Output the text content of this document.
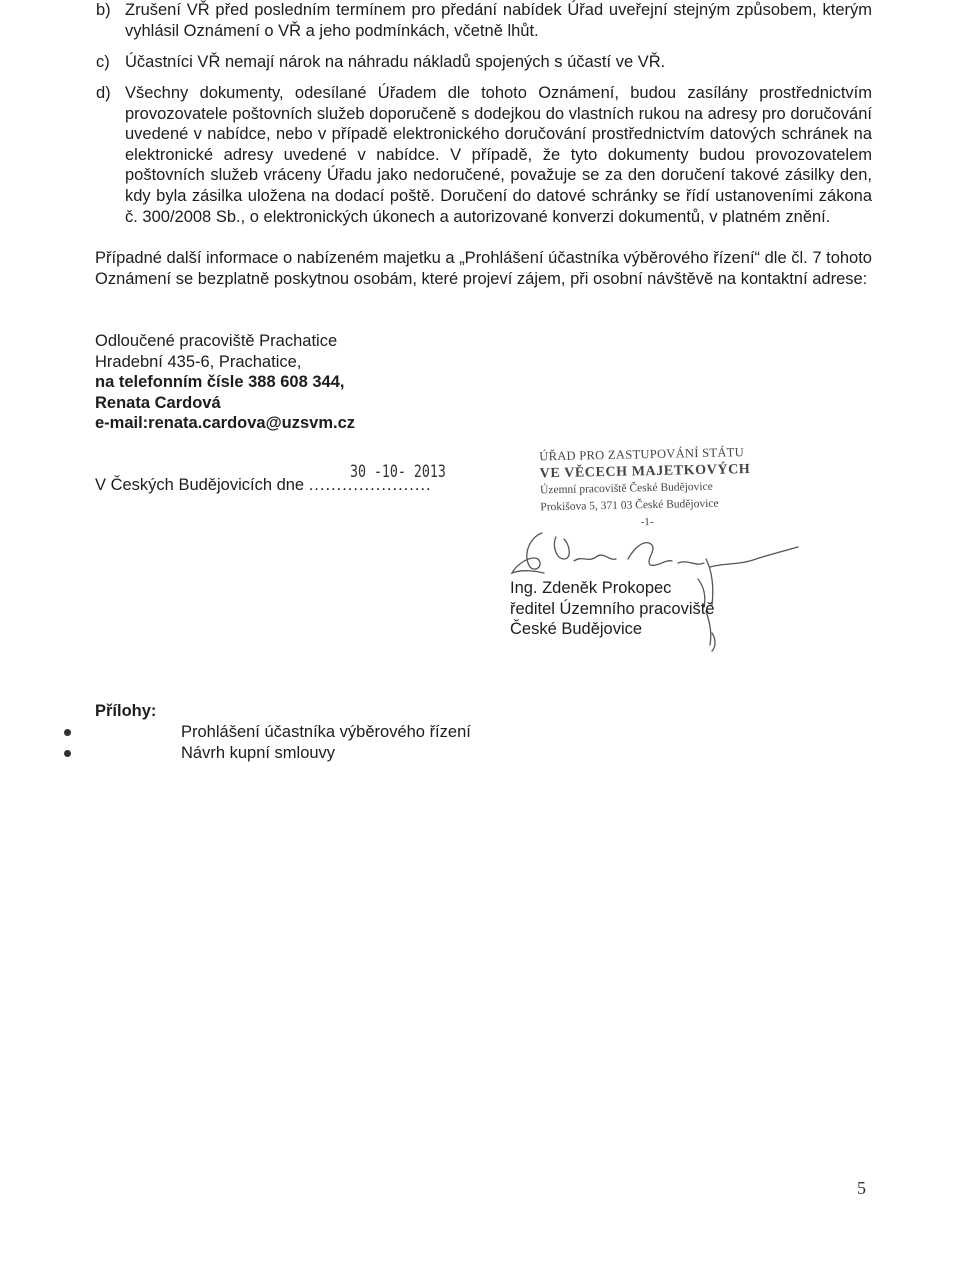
b) Zrušení VŘ před posledním termínem pro předání nabídek Úřad uveřejní stejným způsobem, kterým vyhlásil Oznámení o VŘ a jeho podmínkách, včetně lhůt.
c) Účastníci VŘ nemají nárok na náhradu nákladů spojených s účastí ve VŘ.
d) Všechny dokumenty, odesílané Úřadem dle tohoto Oznámení, budou zasílány prostřednictvím provozovatele poštovních služeb doporučeně s dodejkou do vlastních rukou na adresy pro doručování uvedené v nabídce, nebo v případě elektronického doručování prostřednictvím datových schránek na elektronické adresy uvedené v nabídce. V případě, že tyto dokumenty budou provozovatelem poštovních služeb vráceny Úřadu jako nedoručené, považuje se za den doručení takové zásilky den, kdy byla zásilka uložena na dodací poště. Doručení do datové schránky se řídí ustanoveními zákona č. 300/2008 Sb., o elektronických úkonech a autorizované konverzi dokumentů, v platném znění.
Případné další informace o nabízeném majetku a „Prohlášení účastníka výběrového řízení“ dle čl. 7 tohoto Oznámení se bezplatně poskytnou osobám, které projeví zájem, při osobní návštěvě na kontaktní adrese:
Odloučené pracoviště Prachatice
Hradební 435-6, Prachatice,
na telefonním čísle 388 608 344,
Renata Cardová
e-mail:renata.cardova@uzsvm.cz
V Českých Budějovicích dne ......................
30 -10- 2013
ÚŘAD PRO ZASTUPOVÁNÍ STÁTU
VE VĚCECH MAJETKOVÝCH
Územní pracoviště České Budějovice
Prokišova 5, 371 03 České Budějovice
-1-
Ing. Zdeněk Prokopec
ředitel Územního pracoviště
České Budějovice
Přílohy:
Prohlášení účastníka výběrového řízení
Návrh kupní smlouvy
5
